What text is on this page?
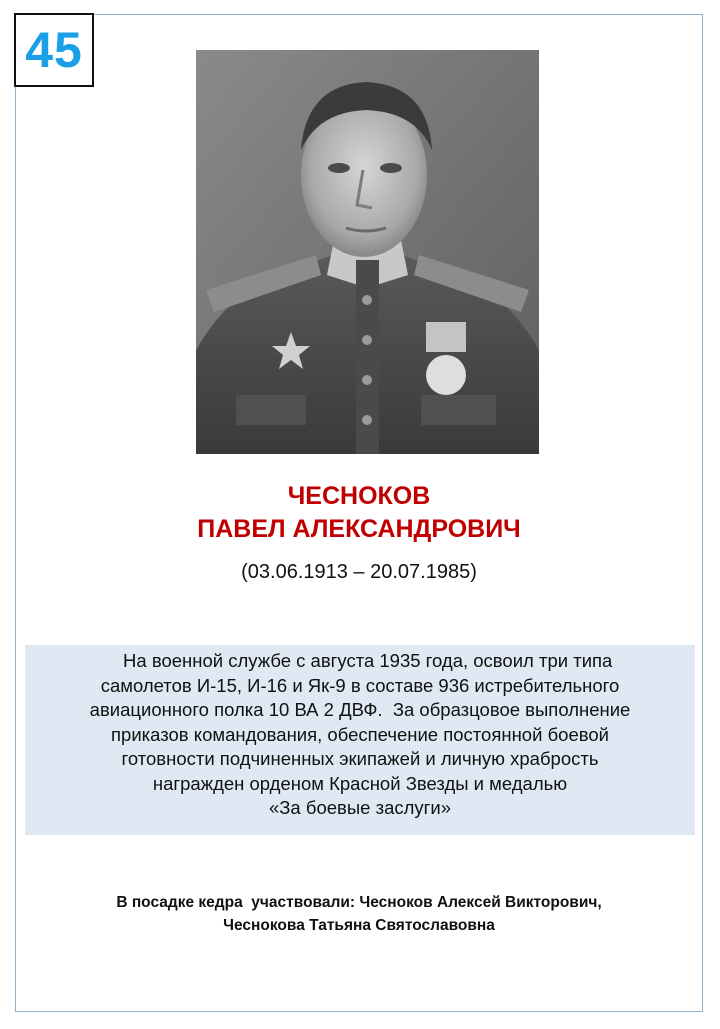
45
ЧЕСНОКОВ
ПАВЕЛ АЛЕКСАНДРОВИЧ
(03.06.1913 – 20.07.1985)
На военной службе с августа 1935 года, освоил три типа
самолетов И-15, И-16 и Як-9 в составе 936 истребительного
авиационного полка 10 ВА 2 ДВФ.  За образцовое выполнение
приказов командования, обеспечение постоянной боевой
готовности подчиненных экипажей и личную храбрость
награжден орденом Красной Звезды и медалью
«За боевые заслуги»
В посадке кедра  участвовали: Чесноков Алексей Викторович,
Чеснокова Татьяна Святославовна
